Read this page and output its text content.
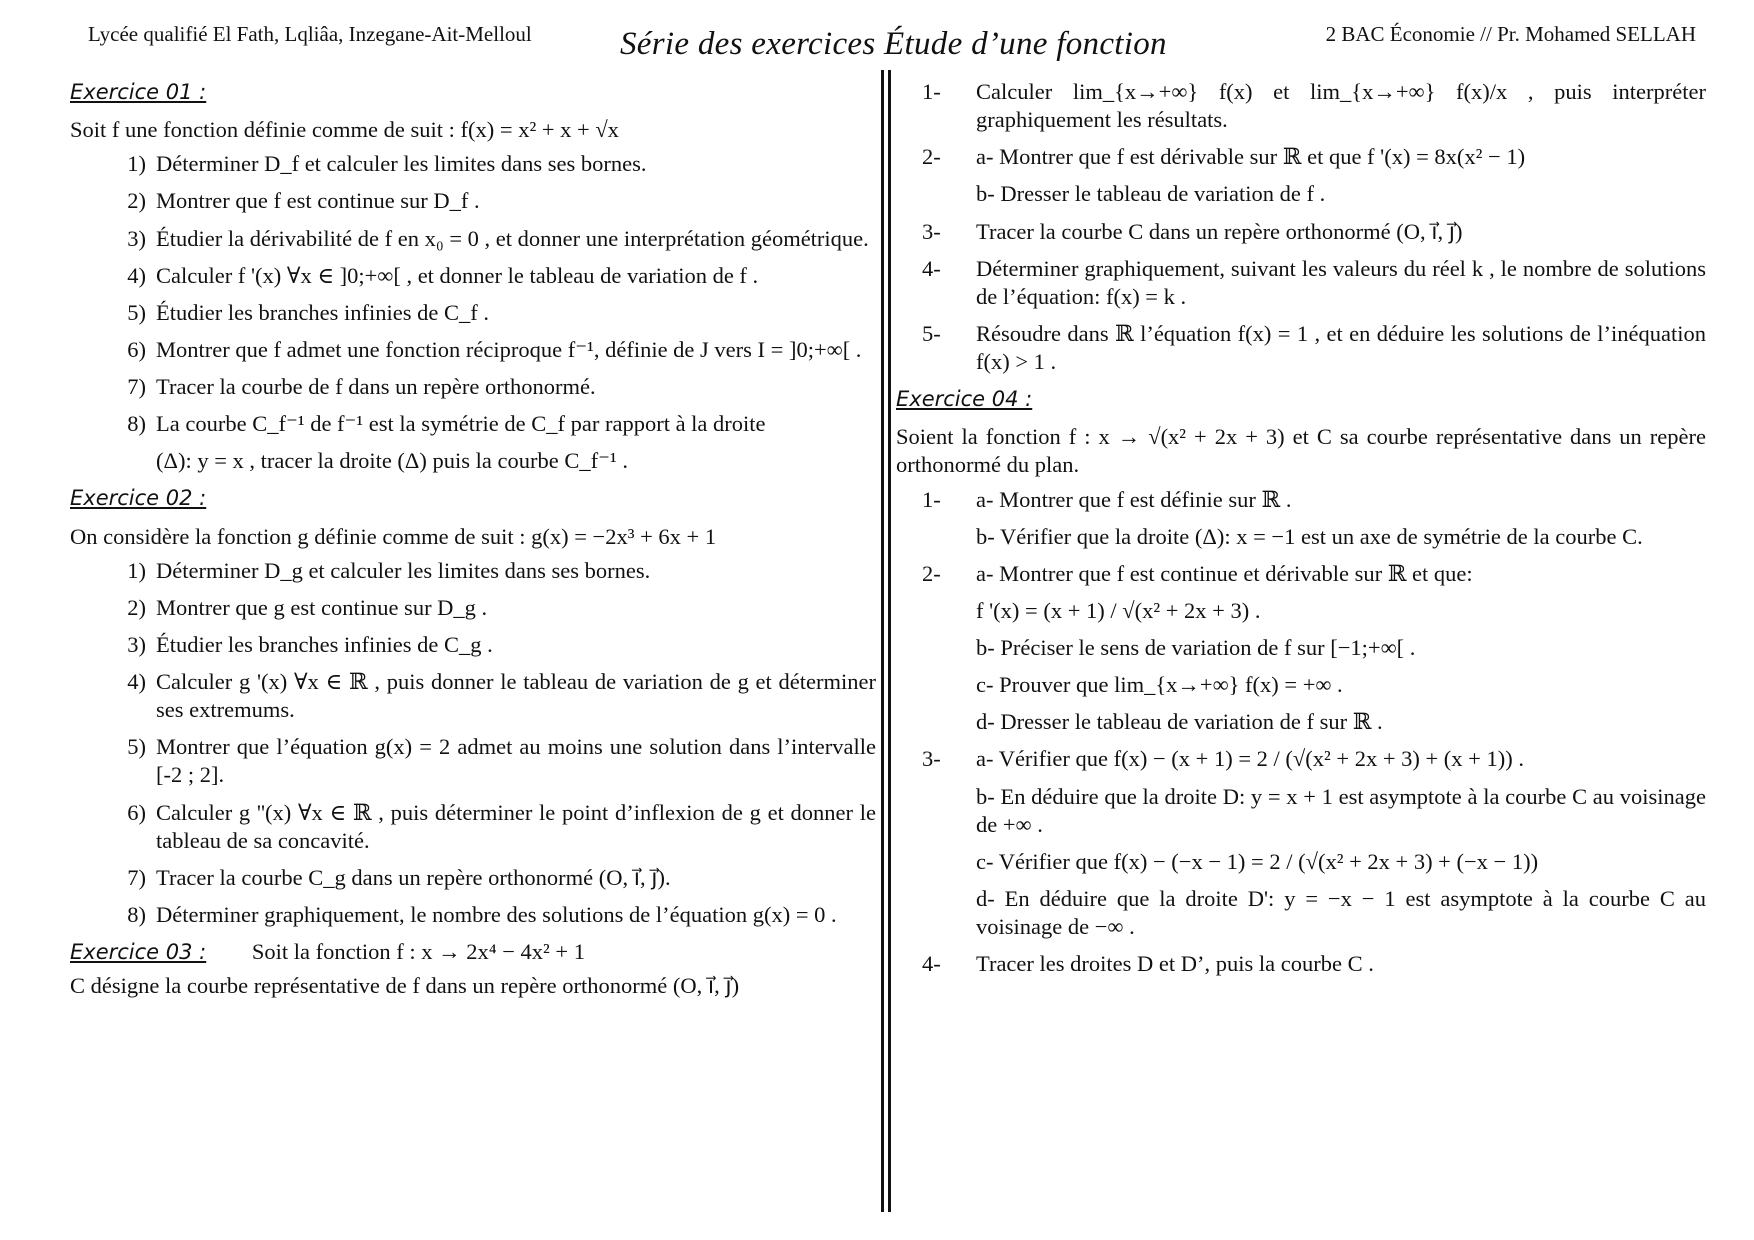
Lycée qualifié El Fath, Lqliâa, Inzegane-Ait-Melloul	Série des exercices Étude d’une fonction	2 BAC Économie // Pr. Mohamed SELLAH
Exercice 01 :
Soit f une fonction définie comme de suit : f(x) = x² + x + √x
1) Déterminer D_f et calculer les limites dans ses bornes.
2) Montrer que f est continue sur D_f .
3) Étudier la dérivabilité de f en x₀ = 0 , et donner une interprétation géométrique.
4) Calculer f '(x) ∀x ∈ ]0;+∞[ , et donner le tableau de variation de f .
5) Étudier les branches infinies de C_f .
6) Montrer que f admet une fonction réciproque f⁻¹, définie de J vers I = ]0;+∞[ .
7) Tracer la courbe de f dans un repère orthonormé.
8) La courbe C_f⁻¹ de f⁻¹ est la symétrie de C_f par rapport à la droite
(Δ): y = x , tracer la droite (Δ) puis la courbe C_f⁻¹ .
Exercice 02 :
On considère la fonction g définie comme de suit : g(x) = −2x³ + 6x + 1
1) Déterminer D_g et calculer les limites dans ses bornes.
2) Montrer que g est continue sur D_g .
3) Étudier les branches infinies de C_g .
4) Calculer g '(x) ∀x ∈ ℝ , puis donner le tableau de variation de g et déterminer ses extremums.
5) Montrer que l’équation g(x) = 2 admet au moins une solution dans l’intervalle [-2 ; 2].
6) Calculer g ''(x) ∀x ∈ ℝ , puis déterminer le point d’inflexion de g et donner le tableau de sa concavité.
7) Tracer la courbe C_g dans un repère orthonormé (O, i⃗, j⃗).
8) Déterminer graphiquement, le nombre des solutions de l’équation g(x) = 0 .
Exercice 03 : Soit la fonction f : x → 2x⁴ − 4x² + 1
C désigne la courbe représentative de f dans un repère orthonormé (O, i⃗, j⃗)
1-	Calculer lim_{x→+∞} f(x) et lim_{x→+∞} f(x)/x , puis interpréter graphiquement les résultats.
2-	a- Montrer que f est dérivable sur ℝ et que f '(x) = 8x(x² − 1)
b- Dresser le tableau de variation de f .
3-	Tracer la courbe C dans un repère orthonormé (O, i⃗, j⃗)
4-	Déterminer graphiquement, suivant les valeurs du réel k , le nombre de solutions de l’équation: f(x) = k .
5-	Résoudre dans ℝ l’équation f(x) = 1 , et en déduire les solutions de l’inéquation f(x) > 1 .
Exercice 04 :
Soient la fonction f : x → √(x² + 2x + 3) et C sa courbe représentative dans un repère orthonormé du plan.
1-	a- Montrer que f est définie sur ℝ .
b- Vérifier que la droite (Δ): x = −1 est un axe de symétrie de la courbe C.
2-	a- Montrer que f est continue et dérivable sur ℝ et que:
f '(x) = (x + 1) / √(x² + 2x + 3) .
b- Préciser le sens de variation de f sur [−1;+∞[ .
c- Prouver que lim_{x→+∞} f(x) = +∞ .
d- Dresser le tableau de variation de f sur ℝ .
3-	a- Vérifier que f(x) − (x + 1) = 2 / (√(x² + 2x + 3) + (x + 1)) .
b- En déduire que la droite D: y = x + 1 est asymptote à la courbe C au voisinage de +∞ .
c- Vérifier que f(x) − (−x − 1) = 2 / (√(x² + 2x + 3) + (−x − 1))
d- En déduire que la droite D': y = −x − 1 est asymptote à la courbe C au voisinage de −∞ .
4-	Tracer les droites D et D’, puis la courbe C .
